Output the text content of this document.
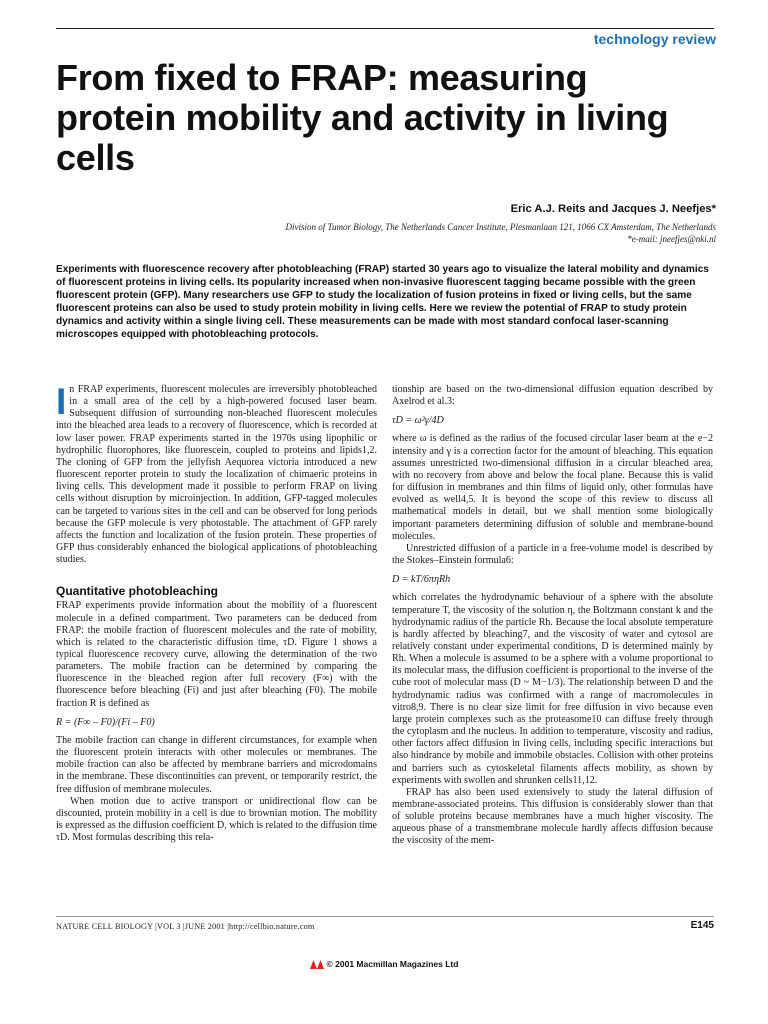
technology review
From fixed to FRAP: measuring protein mobility and activity in living cells
Eric A.J. Reits and Jacques J. Neefjes*
Division of Tumor Biology, The Netherlands Cancer Institute, Plesmanlaan 121, 1066 CX Amsterdam, The Netherlands
*e-mail: jneefjes@nki.nl

Experiments with fluorescence recovery after photobleaching (FRAP) started 30 years ago to visualize the lateral mobility and dynamics of fluorescent proteins in living cells. Its popularity increased when non-invasive fluorescent tagging became possible with the green fluorescent protein (GFP). Many researchers use GFP to study the localization of fusion proteins in fixed or living cells, but the same fluorescent proteins can also be used to study protein mobility in living cells. Here we review the potential of FRAP to study protein dynamics and activity within a single living cell. These measurements can be made with most standard confocal laser-scanning microscopes equipped with photobleaching protocols.

In FRAP experiments, fluorescent molecules are irreversibly photobleached in a small area of the cell by a high-powered focused laser beam. Subsequent diffusion of surrounding non-bleached fluorescent molecules into the bleached area leads to a recovery of fluorescence, which is recorded at low laser power. FRAP experiments started in the 1970s using lipophilic or hydrophilic fluorophores, like fluorescein, coupled to proteins and lipids1,2. The cloning of GFP from the jellyfish Aequorea victoria introduced a new fluorescent reporter protein to study the localization of chimaeric proteins in living cells. This development made it possible to perform FRAP on living cells without disruption by microinjection. In addition, GFP-tagged molecules can be targeted to various sites in the cell and can be observed for long periods because the GFP molecule is very photostable. The attachment of GFP rarely affects the function and localization of the fusion protein. These properties of GFP thus considerably enhanced the biological applications of photobleaching studies.

Quantitative photobleaching

FRAP experiments provide information about the mobility of a fluorescent molecule in a defined compartment. Two parameters can be deduced from FRAP: the mobile fraction of fluorescent molecules and the rate of mobility, which is related to the characteristic diffusion time, τD. Figure 1 shows a typical fluorescence recovery curve, allowing the determination of the two parameters. The mobile fraction can be determined by comparing the fluorescence in the bleached region after full recovery (F∞) with the fluorescence before bleaching (Fi) and just after bleaching (F0). The mobile fraction R is defined as

R = (F∞ – F0)/(Fi – F0)

The mobile fraction can change in different circumstances, for example when the fluorescent protein interacts with other molecules or membranes. The mobile fraction can also be affected by membrane barriers and microdomains in the membrane. These discontinuities can prevent, or temporarily restrict, the free diffusion of membrane molecules.

When motion due to active transport or unidirectional flow can be discounted, protein mobility in a cell is due to brownian motion. The mobility is expressed as the diffusion coefficient D, which is related to the diffusion time τD. Most formulas describing this rela-

tionship are based on the two-dimensional diffusion equation described by Axelrod et al.3:

τD = ω²γ/4D

where ω is defined as the radius of the focused circular laser beam at the e−2 intensity and γ is a correction factor for the amount of bleaching. This equation assumes unrestricted two-dimensional diffusion in a circular bleached area, with no recovery from above and below the focal plane. Because this is valid for diffusion in membranes and thin films of liquid only, other formulas have evolved as well4,5. It is beyond the scope of this review to discuss all mathematical models in detail, but we shall mention some biologically important parameters determining diffusion of soluble and membrane-bound molecules.

Unrestricted diffusion of a particle in a free-volume model is described by the Stokes–Einstein formula6:

D = kT/6πηRh

which correlates the hydrodynamic behaviour of a sphere with the absolute temperature T, the viscosity of the solution η, the Boltzmann constant k and the hydrodynamic radius of the particle Rh. Because the local absolute temperature is hardly affected by bleaching7, and the viscosity of water and cytosol are relatively constant under experimental conditions, D is determined mainly by Rh. When a molecule is assumed to be a sphere with a volume proportional to its molecular mass, the diffusion coefficient is proportional to the inverse of the cube root of molecular mass (D ~ M−1/3). The relationship between D and the hydrodynamic radius was confirmed with a range of macromolecules in vitro8,9. There is no clear size limit for free diffusion in vivo because even large protein complexes such as the proteasome10 can diffuse freely through the cytoplasm and the nucleus. In addition to temperature, viscosity and radius, other factors affect diffusion in living cells, including specific interactions but also hindrance by mobile and immobile obstacles. Collision with other proteins and barriers such as cytoskeletal filaments affects mobility, as shown by experiments with swollen and shrunken cells11,12.

FRAP has also been used extensively to study the lateral diffusion of membrane-associated proteins. This diffusion is considerably slower than that of soluble proteins because membranes have a much higher viscosity. The aqueous phase of a transmembrane molecule hardly affects diffusion because the viscosity of the mem-

NATURE CELL BIOLOGY |VOL 3 |JUNE 2001 |http://cellbio.nature.com	E145
© 2001 Macmillan Magazines Ltd
